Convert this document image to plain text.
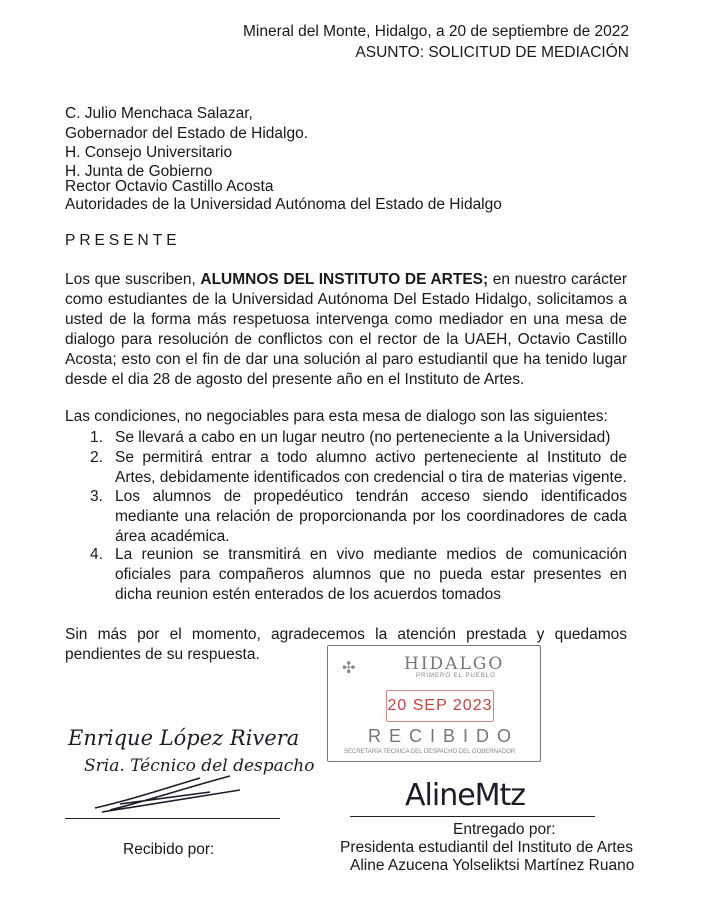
Mineral del Monte, Hidalgo, a 20 de septiembre de 2022
ASUNTO: SOLICITUD DE MEDIACIÓN
C. Julio Menchaca Salazar,
Gobernador del Estado de Hidalgo.
H. Consejo Universitario
H. Junta de Gobierno
Rector Octavio Castillo Acosta
Autoridades de la Universidad Autónoma del Estado de Hidalgo
PRESENTE
Los que suscriben, ALUMNOS DEL INSTITUTO DE ARTES; en nuestro carácter como estudiantes de la Universidad Autónoma Del Estado Hidalgo, solicitamos a usted de la forma más respetuosa intervenga como mediador en una mesa de dialogo para resolución de conflictos con el rector de la UAEH, Octavio Castillo Acosta; esto con el fin de dar una solución al paro estudiantil que ha tenido lugar desde el dia 28 de agosto del presente año en el Instituto de Artes.
Las condiciones, no negociables para esta mesa de dialogo son las siguientes:
1. Se llevará a cabo en un lugar neutro (no perteneciente a la Universidad)
2. Se permitirá entrar a todo alumno activo perteneciente al Instituto de Artes, debidamente identificados con credencial o tira de materias vigente.
3. Los alumnos de propedéutico tendrán acceso siendo identificados mediante una relación de proporcionanda por los coordinadores de cada área académica.
4. La reunion se transmitirá en vivo mediante medios de comunicación oficiales para compañeros alumnos que no pueda estar presentes en dicha reunion estén enterados de los acuerdos tomados
Sin más por el momento, agradecemos la atención prestada y quedamos pendientes de su respuesta.
✣	HIDALGO
PRIMERO EL PUEBLO
20 SEP 2023
RECIBIDO
SECRETARÍA TÉCNICA DEL DESPACHO DEL GOBERNADOR
Enrique López Rivera
Sria. Técnico del despacho
AlineMtz
Recibido por:
Entregado por:
Presidenta estudiantil del Instituto de Artes
Aline Azucena Yolseliktsi Martínez Ruano
